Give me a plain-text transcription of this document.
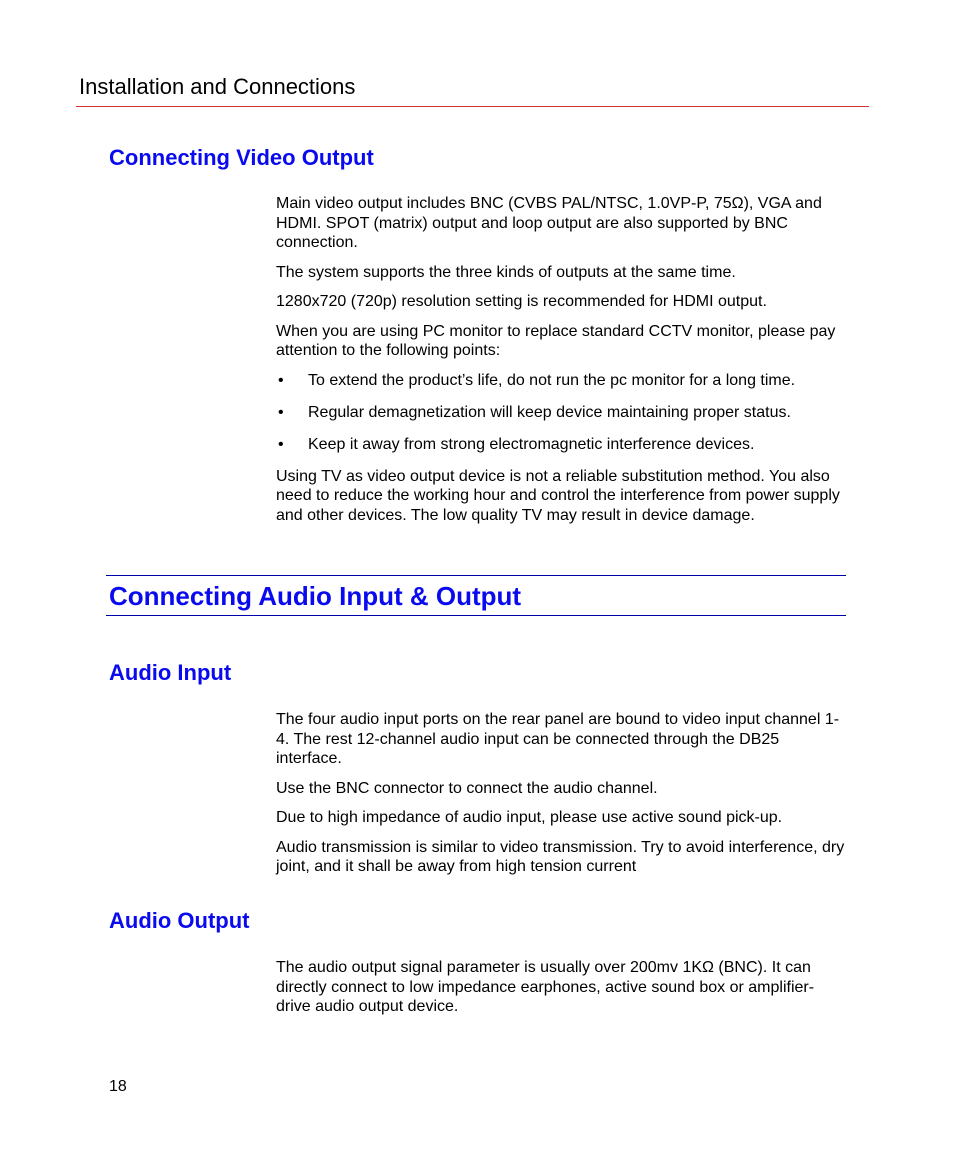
Installation and Connections
Connecting Video Output

Main video output includes BNC (CVBS PAL/NTSC, 1.0VP-P, 75Ω), VGA and HDMI. SPOT (matrix) output and loop output are also supported by BNC connection.

The system supports the three kinds of outputs at the same time.

1280x720 (720p) resolution setting is recommended for HDMI output.

When you are using PC monitor to replace standard CCTV monitor, please pay attention to the following points:

• To extend the product’s life, do not run the pc monitor for a long time.
• Regular demagnetization will keep device maintaining proper status.
• Keep it away from strong electromagnetic interference devices.

Using TV as video output device is not a reliable substitution method. You also need to reduce the working hour and control the interference from power supply and other devices. The low quality TV may result in device damage.

Connecting Audio Input & Output
Audio Input

The four audio input ports on the rear panel are bound to video input channel 1-4. The rest 12-channel audio input can be connected through the DB25 interface.

Use the BNC connector to connect the audio channel.

Due to high impedance of audio input, please use active sound pick-up.

Audio transmission is similar to video transmission. Try to avoid interference, dry joint, and it shall be away from high tension current

Audio Output

The audio output signal parameter is usually over 200mv 1KΩ (BNC). It can directly connect to low impedance earphones, active sound box or amplifier-drive audio output device.

18
